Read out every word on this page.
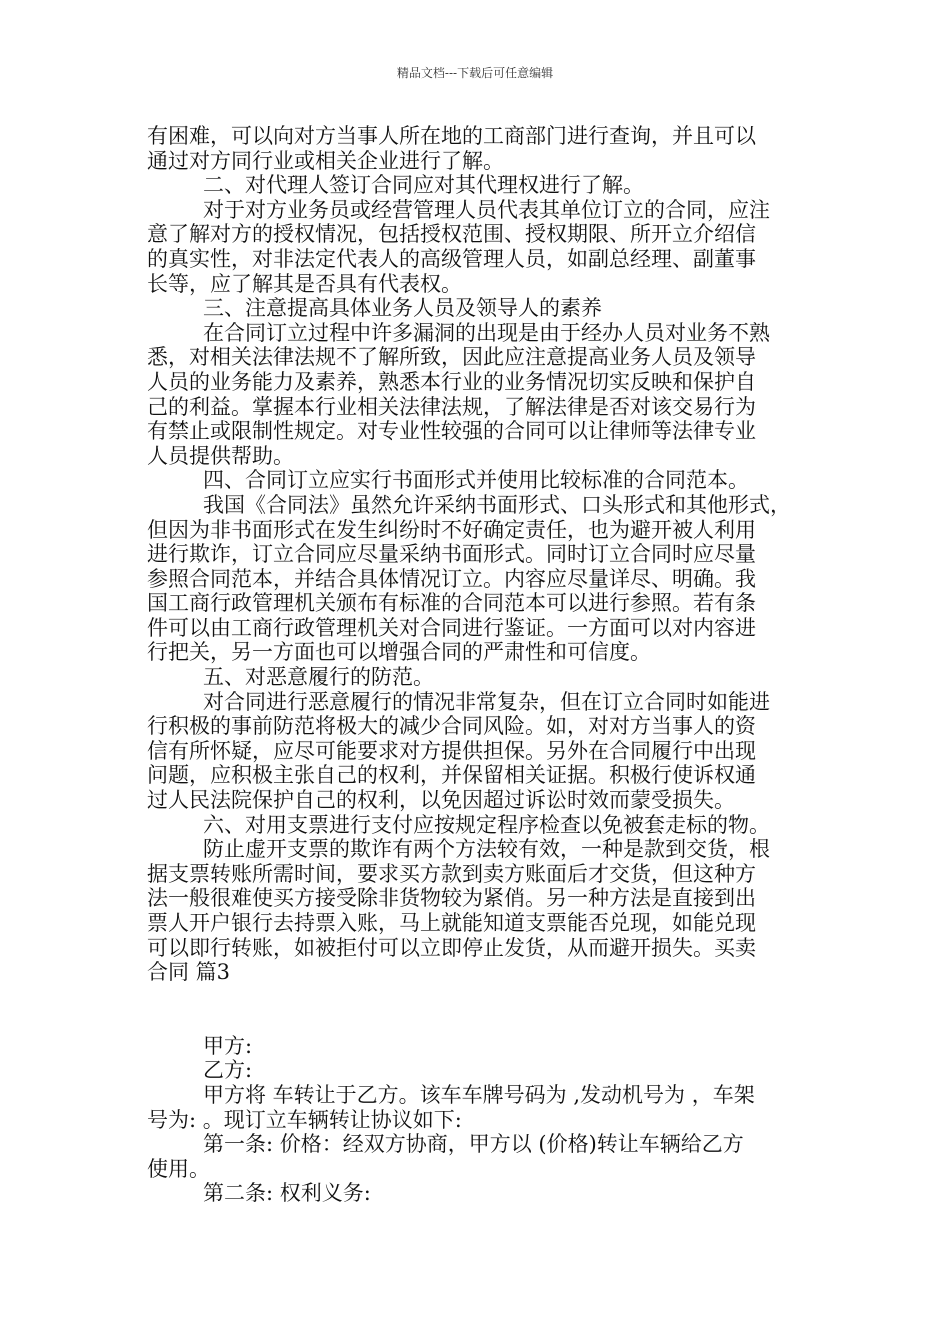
精品文档---下载后可任意编辑
有困难，可以向对方当事人所在地的工商部门进行查询，并且可以
通过对方同行业或相关企业进行了解。
二、对代理人签订合同应对其代理权进行了解。
对于对方业务员或经营管理人员代表其单位订立的合同，应注
意了解对方的授权情况，包括授权范围、授权期限、所开立介绍信
的真实性，对非法定代表人的高级管理人员，如副总经理、副董事
长等，应了解其是否具有代表权。
三、注意提高具体业务人员及领导人的素养
在合同订立过程中许多漏洞的出现是由于经办人员对业务不熟
悉，对相关法律法规不了解所致，因此应注意提高业务人员及领导
人员的业务能力及素养，熟悉本行业的业务情况切实反映和保护自
己的利益。掌握本行业相关法律法规，了解法律是否对该交易行为
有禁止或限制性规定。对专业性较强的合同可以让律师等法律专业
人员提供帮助。
四、合同订立应实行书面形式并使用比较标准的合同范本。
我国《合同法》虽然允许采纳书面形式、口头形式和其他形式，
但因为非书面形式在发生纠纷时不好确定责任，也为避开被人利用
进行欺诈，订立合同应尽量采纳书面形式。同时订立合同时应尽量
参照合同范本，并结合具体情况订立。内容应尽量详尽、明确。我
国工商行政管理机关颁布有标准的合同范本可以进行参照。若有条
件可以由工商行政管理机关对合同进行鉴证。一方面可以对内容进
行把关，另一方面也可以增强合同的严肃性和可信度。
五、对恶意履行的防范。
对合同进行恶意履行的情况非常复杂，但在订立合同时如能进
行积极的事前防范将极大的减少合同风险。如，对对方当事人的资
信有所怀疑，应尽可能要求对方提供担保。另外在合同履行中出现
问题，应积极主张自己的权利，并保留相关证据。积极行使诉权通
过人民法院保护自己的权利，以免因超过诉讼时效而蒙受损失。
六、对用支票进行支付应按规定程序检查以免被套走标的物。
防止虚开支票的欺诈有两个方法较有效，一种是款到交货，根
据支票转账所需时间，要求买方款到卖方账面后才交货，但这种方
法一般很难使买方接受除非货物较为紧俏。另一种方法是直接到出
票人开户银行去持票入账，马上就能知道支票能否兑现，如能兑现
可以即行转账，如被拒付可以立即停止发货，从而避开损失。买卖
合同 篇3
甲方:
乙方:
甲方将 车转让于乙方。该车车牌号码为 ,发动机号为 ，车架
号为: 。现订立车辆转让协议如下:
第一条: 价格：经双方协商，甲方以 (价格)转让车辆给乙方
使用。
第二条: 权利义务:
